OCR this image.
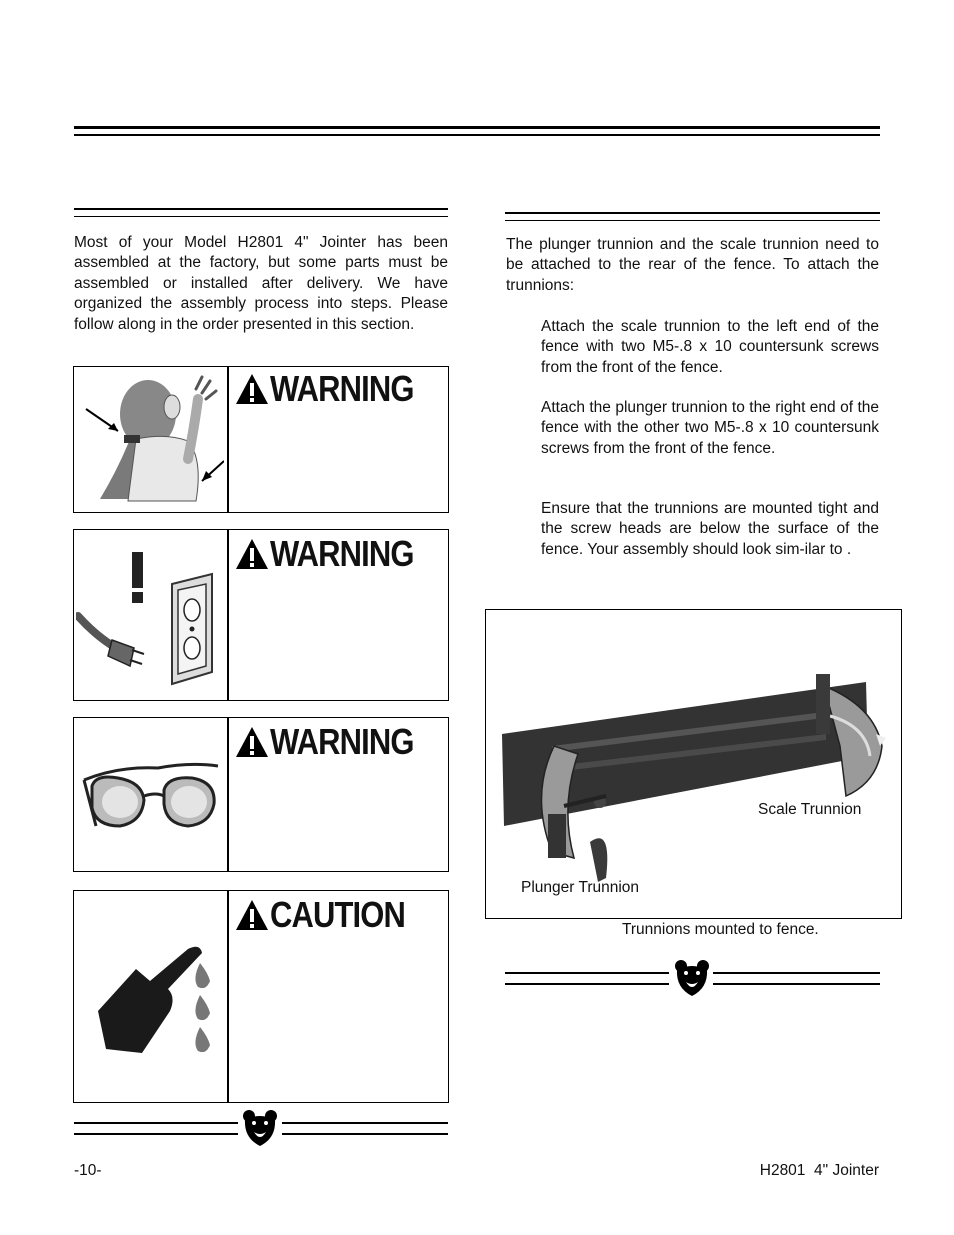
Most of your Model H2801 4" Jointer has been assembled at the factory, but some parts must be assembled or installed after delivery. We have organized the assembly process into steps. Please follow along in the order presented in this section.
WARNING
WARNING
WARNING
CAUTION
The plunger trunnion and the scale trunnion need to be attached to the rear of the fence. To attach the trunnions:
Attach the scale trunnion to the left end of the fence with two M5-.8 x 10 countersunk screws from the front of the fence.
Attach the plunger trunnion to the right end of the fence with the other two M5-.8 x 10 countersunk screws from the front of the fence.
Ensure that the trunnions are mounted tight and the screw heads are below the surface of the fence. Your assembly should look sim-ilar to .
Scale Trunnion
Plunger Trunnion
Trunnions mounted to fence.
-10-	H2801  4" Jointer
